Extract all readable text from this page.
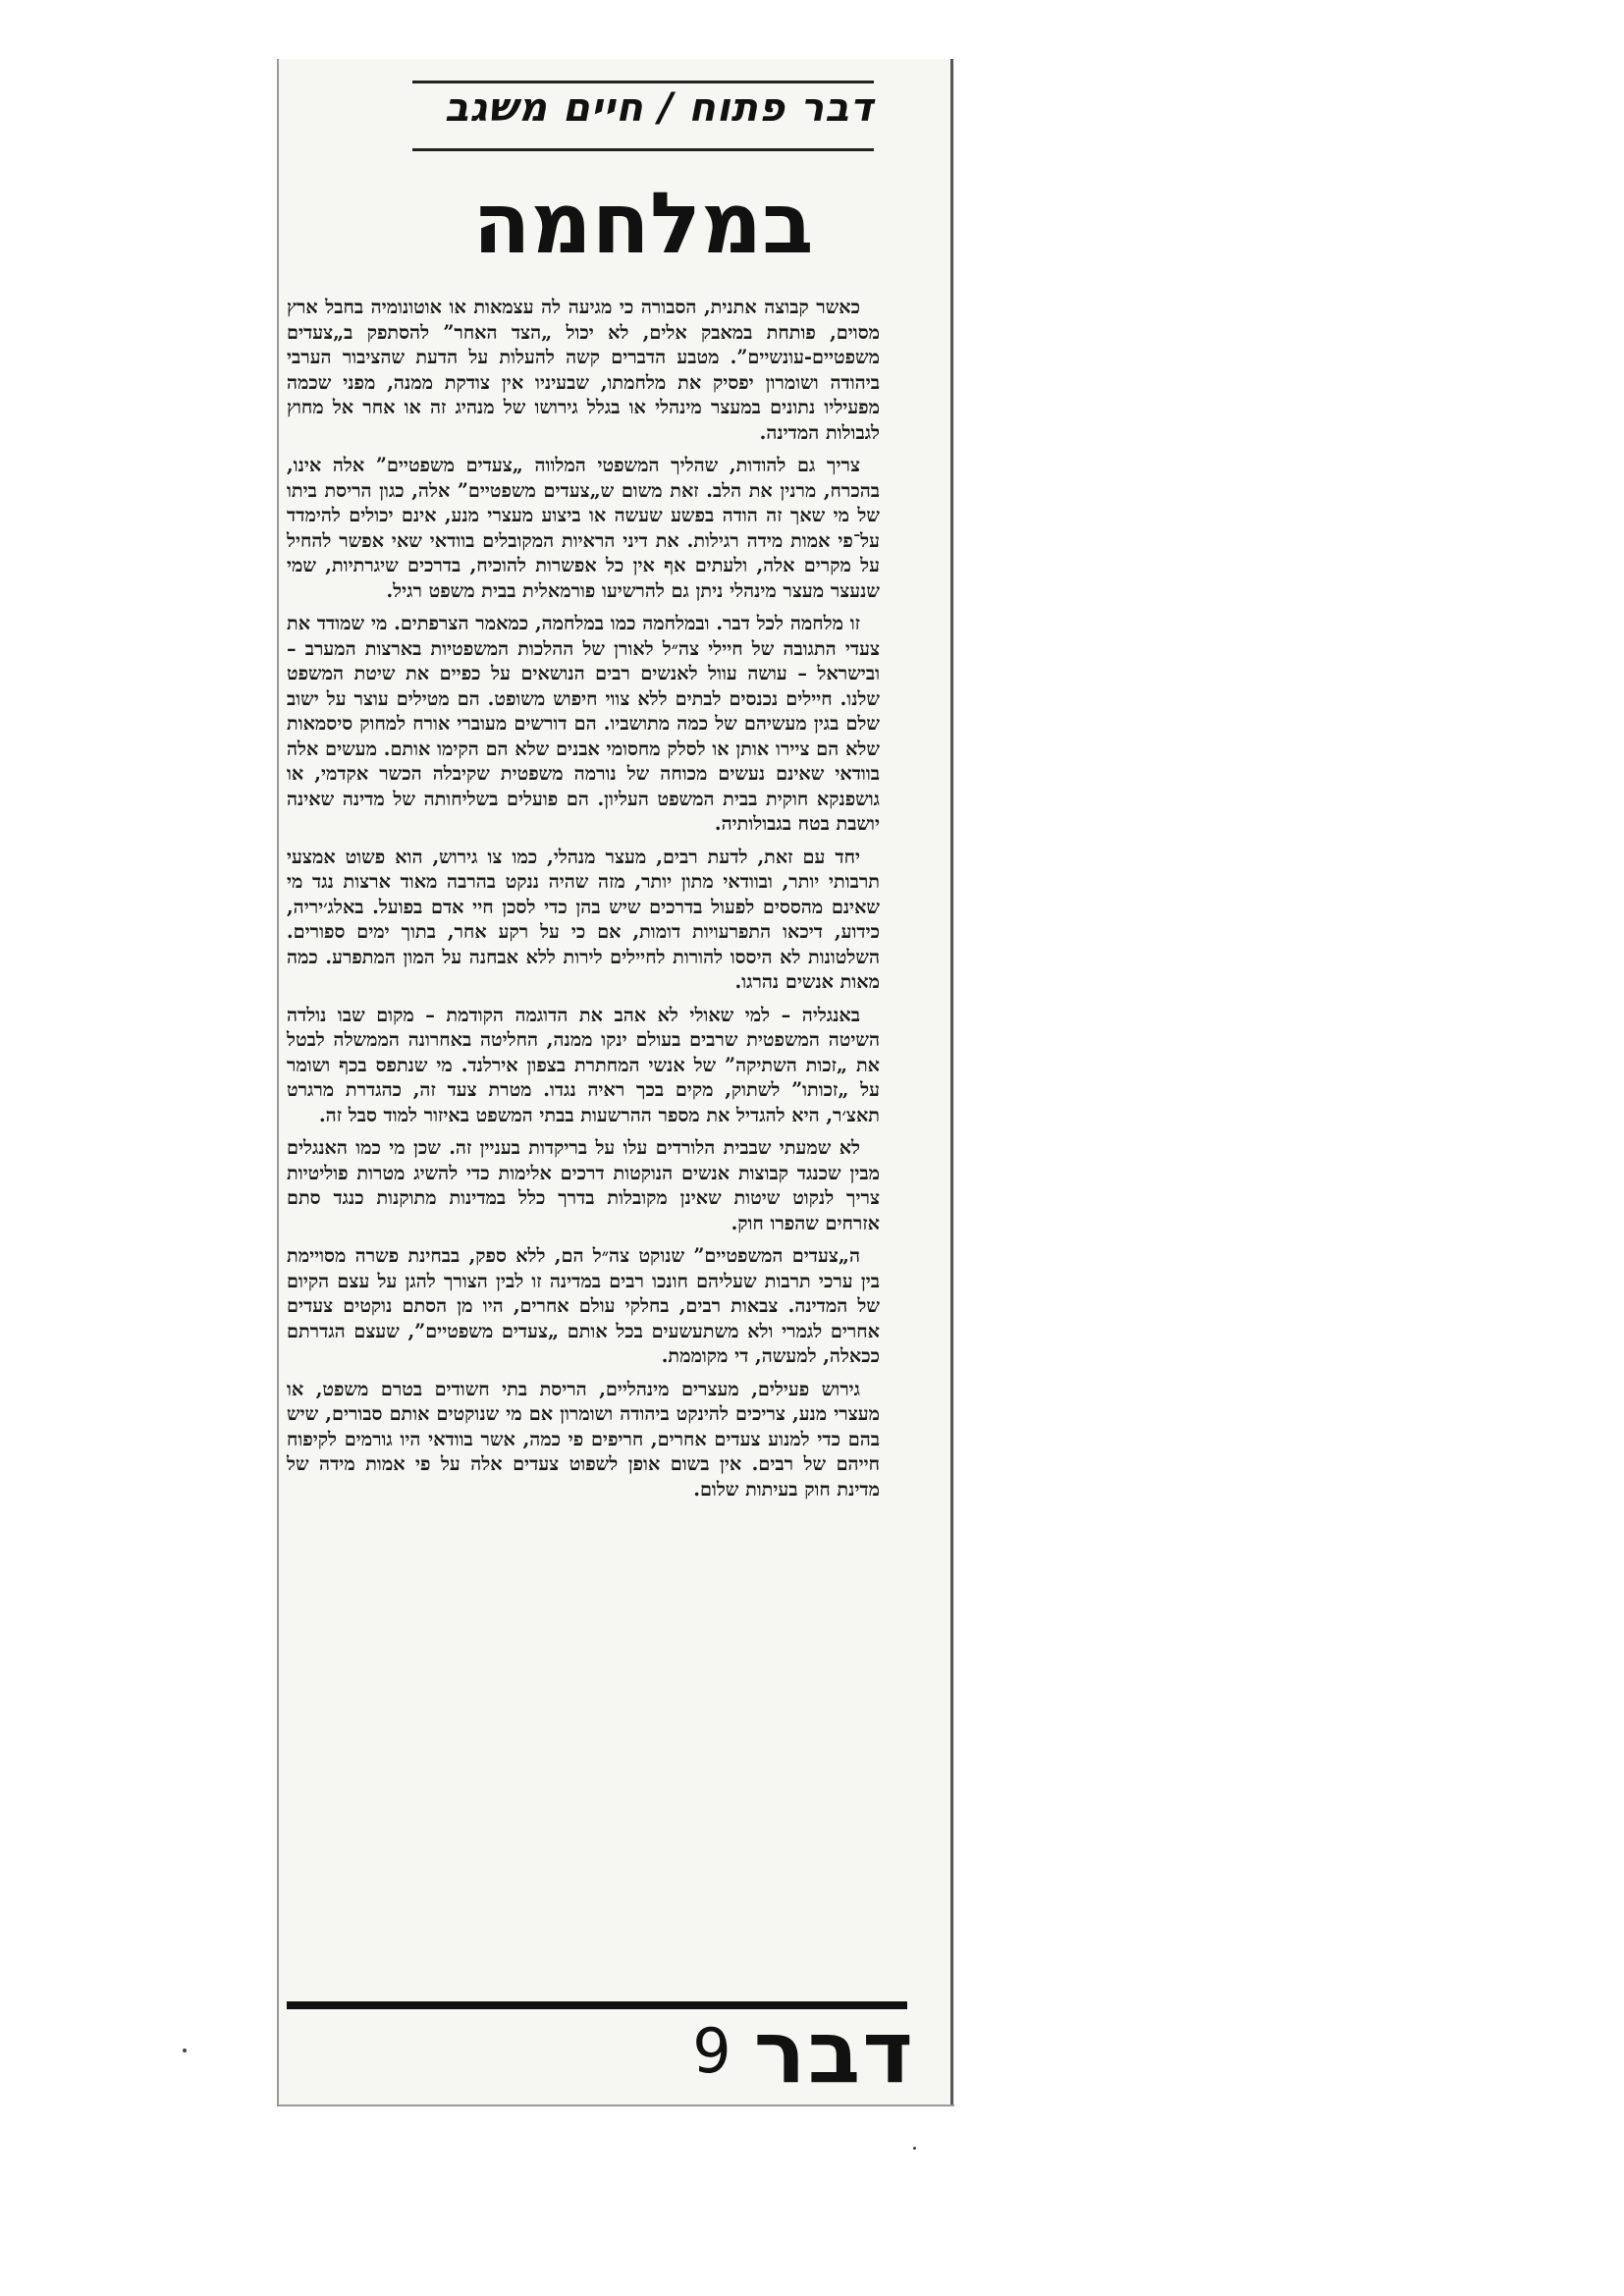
דבר פתוח / חיים משגב
במלחמה

כאשר קבוצה אתנית, הסבורה כי מגיעה לה עצמאות או אוטונומיה בחבל ארץ מסוים, פותחת במאבק אלים, לא יכול „הצד האחר” להסתפק ב„צעדים משפטיים-עונשיים”. מטבע הדברים קשה להעלות על הדעת שהציבור הערבי ביהודה ושומרון יפסיק את מלחמתו, שבעיניו אין צודקת ממנה, מפני שכמה מפעיליו נתונים במעצר מינהלי או בגלל גירושו של מנהיג זה או אחר אל מחוץ לגבולות המדינה.

צריך גם להודות, שהליך המשפטי המלווה „צעדים משפטיים” אלה אינו, בהכרח, מרנין את הלב. זאת משום ש„צעדים משפטיים” אלה, כגון הריסת ביתו של מי שאך זה הודה בפשע שעשה או ביצוע מעצרי מנע, אינם יכולים להימדד על־פי אמות מידה רגילות. את דיני הראיות המקובלים בוודאי שאי אפשר להחיל על מקרים אלה, ולעתים אף אין כל אפשרות להוכיח, בדרכים שיגרתיות, שמי שנעצר מעצר מינהלי ניתן גם להרשיעו פורמאלית בבית משפט רגיל.

זו מלחמה לכל דבר. ובמלחמה כמו במלחמה, כמאמר הצרפתים. מי שמודד את צעדי התגובה של חיילי צה״ל לאורן של ההלכות המשפטיות בארצות המערב – ובישראל – עושה עוול לאנשים רבים הנושאים על כפיים את שיטת המשפט שלנו. חיילים נכנסים לבתים ללא צווי חיפוש משופט. הם מטילים עוצר על ישוב שלם בגין מעשיהם של כמה מתושביו. הם דורשים מעוברי אורח למחוק סיסמאות שלא הם ציירו אותן או לסלק מחסומי אבנים שלא הם הקימו אותם. מעשים אלה בוודאי שאינם נעשים מכוחה של נורמה משפטית שקיבלה הכשר אקדמי, או גושפנקא חוקית בבית המשפט העליון. הם פועלים בשליחותה של מדינה שאינה יושבת בטח בגבולותיה.

יחד עם זאת, לדעת רבים, מעצר מנהלי, כמו צו גירוש, הוא פשוט אמצעי תרבותי יותר, ובוודאי מתון יותר, מזה שהיה ננקט בהרבה מאוד ארצות נגד מי שאינם מהססים לפעול בדרכים שיש בהן כדי לסכן חיי אדם בפועל. באלג׳יריה, כידוע, דיכאו התפרעויות דומות, אם כי על רקע אחר, בתוך ימים ספורים. השלטונות לא היססו להורות לחיילים לירות ללא אבחנה על המון המתפרע. כמה מאות אנשים נהרגו.

באנגליה – למי שאולי לא אהב את הדוגמה הקודמת – מקום שבו נולדה השיטה המשפטית שרבים בעולם ינקו ממנה, החליטה באחרונה הממשלה לבטל את „זכות השתיקה” של אנשי המחתרת בצפון אירלנד. מי שנתפס בכף ושומר על „זכותו” לשתוק, מקים בכך ראיה נגדו. מטרת צעד זה, כהגדרת מרגרט תאצ׳ר, היא להגדיל את מספר ההרשעות בבתי המשפט באיזור למוד סבל זה.

לא שמעתי שבבית הלורדים עלו על בריקדות בעניין זה. שכן מי כמו האנגלים מבין שכנגד קבוצות אנשים הנוקטות דרכים אלימות כדי להשיג מטרות פוליטיות צריך לנקוט שיטות שאינן מקובלות בדרך כלל במדינות מתוקנות כנגד סתם אזרחים שהפרו חוק.

ה„צעדים המשפטיים” שנוקט צה״ל הם, ללא ספק, בבחינת פשרה מסויימת בין ערכי תרבות שעליהם חונכו רבים במדינה זו לבין הצורך להגן על עצם הקיום של המדינה. צבאות רבים, בחלקי עולם אחרים, היו מן הסתם נוקטים צעדים אחרים לגמרי ולא משתעשעים בכל אותם „צעדים משפטיים”, שעצם הגדרתם ככאלה, למעשה, די מקוממת.

גירוש פעילים, מעצרים מינהליים, הריסת בתי חשודים בטרם משפט, או מעצרי מנע, צריכים להינקט ביהודה ושומרון אם מי שנוקטים אותם סבורים, שיש בהם כדי למנוע צעדים אחרים, חריפים פי כמה, אשר בוודאי היו גורמים לקיפוח חייהם של רבים. אין בשום אופן לשפוט צעדים אלה על פי אמות מידה של מדינת חוק בעיתות שלום.

דבר
9
